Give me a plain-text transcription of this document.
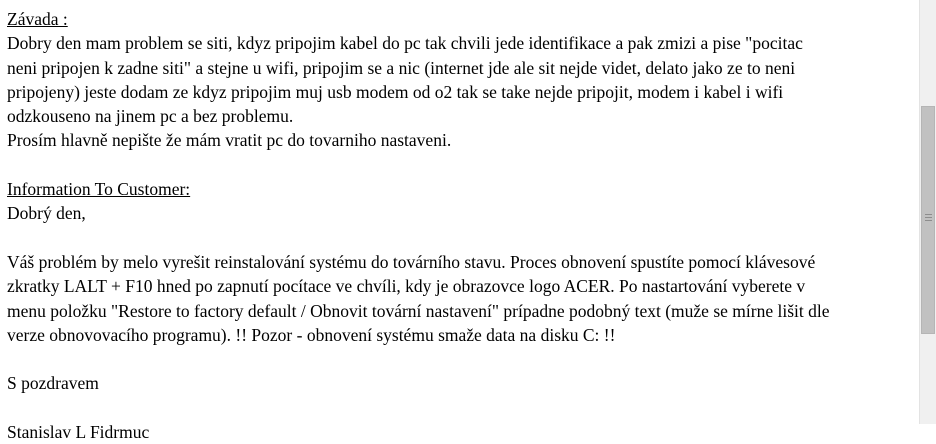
Závada :
Dobry den mam problem se siti, kdyz pripojim kabel do pc tak chvili jede identifikace a pak zmizi a pise "pocitac
neni pripojen k zadne siti" a stejne u wifi, pripojim se a nic (internet jde ale sit nejde videt, delato jako ze to neni
pripojeny) jeste dodam ze kdyz pripojim muj usb modem od o2 tak se take nejde pripojit, modem i kabel i wifi
odzkouseno na jinem pc a bez problemu.
Prosím hlavně nepište že mám vratit pc do tovarniho nastaveni.
Information To Customer:
Dobrý den,
Váš problém by melo vyrešit reinstalování systému do továrního stavu. Proces obnovení spustíte pomocí klávesové
zkratky LALT + F10 hned po zapnutí pocítace ve chvíli, kdy je obrazovce logo ACER. Po nastartování vyberete v
menu položku "Restore to factory default / Obnovit tovární nastavení" prípadne podobný text (muže se mírne lišit dle
verze obnovovacího programu). !! Pozor - obnovení systému smaže data na disku C: !!
S pozdravem
Stanislav L Fidrmuc
